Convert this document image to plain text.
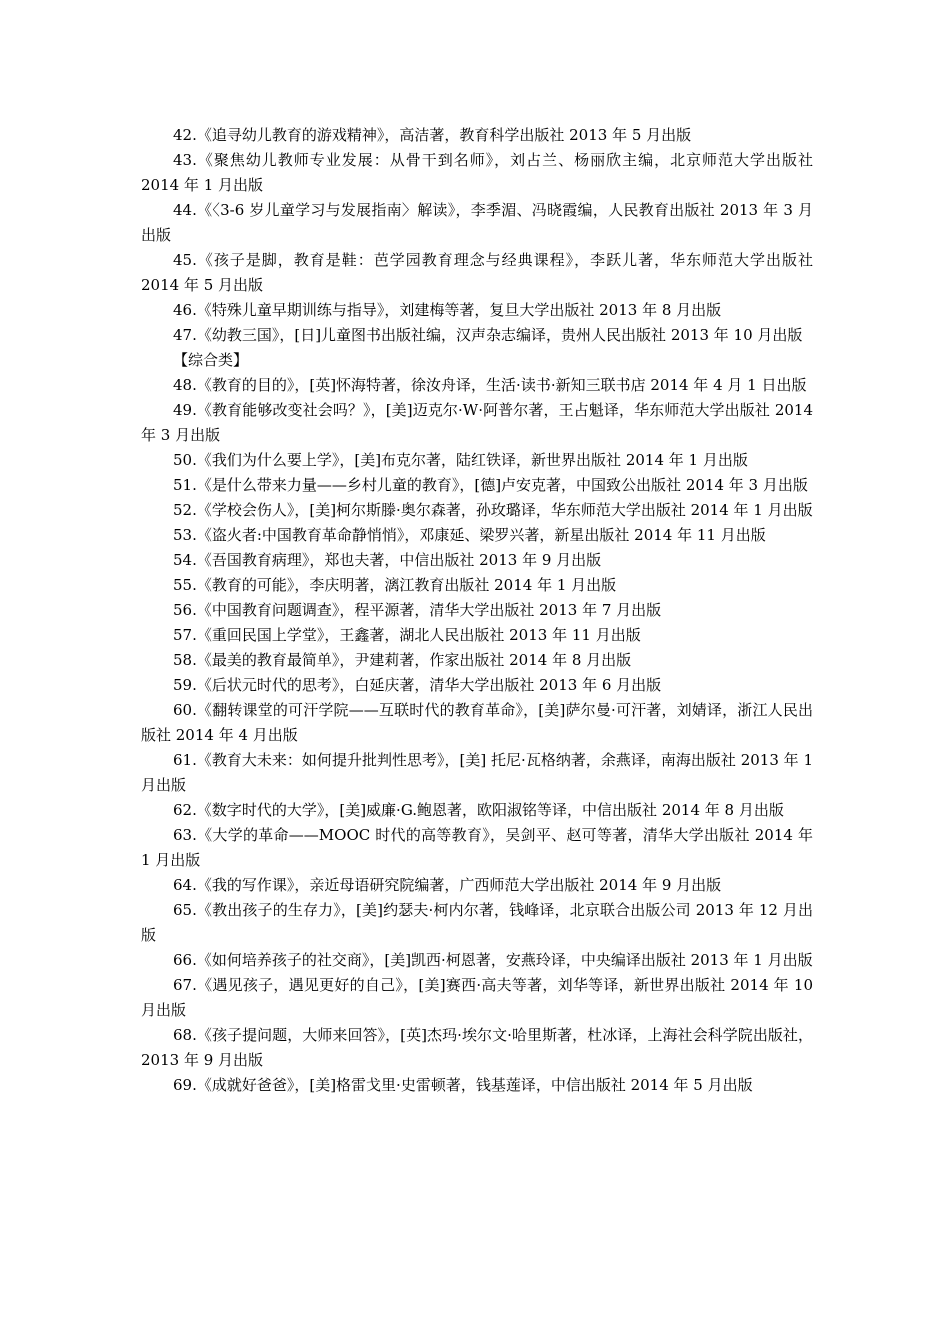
42.《追寻幼儿教育的游戏精神》，高洁著，教育科学出版社 2013 年 5 月出版

43.《聚焦幼儿教师专业发展：从骨干到名师》，刘占兰、杨丽欣主编，北京师范大学出版社 2014 年 1 月出版

44.《〈3-6 岁儿童学习与发展指南〉解读》，李季湄、冯晓霞编，人民教育出版社 2013 年 3 月出版

45.《孩子是脚，教育是鞋：芭学园教育理念与经典课程》，李跃儿著，华东师范大学出版社 2014 年 5 月出版

46.《特殊儿童早期训练与指导》，刘建梅等著，复旦大学出版社 2013 年 8 月出版

47.《幼教三国》，[日]儿童图书出版社编，汉声杂志编译，贵州人民出版社 2013 年 10 月出版

【综合类】

48.《教育的目的》，[英]怀海特著，徐汝舟译，生活·读书·新知三联书店 2014 年 4 月 1 日出版

49.《教育能够改变社会吗？》，[美]迈克尔·W·阿普尔著，王占魁译，华东师范大学出版社 2014 年 3 月出版

50.《我们为什么要上学》，[美]布克尔著，陆红铁译，新世界出版社 2014 年 1 月出版

51.《是什么带来力量——乡村儿童的教育》，[德]卢安克著，中国致公出版社 2014 年 3 月出版

52.《学校会伤人》，[美]柯尔斯滕·奥尔森著，孙玫璐译，华东师范大学出版社 2014 年 1 月出版

53.《盗火者:中国教育革命静悄悄》，邓康延、梁罗兴著，新星出版社 2014 年 11 月出版

54.《吾国教育病理》，郑也夫著，中信出版社 2013 年 9 月出版

55.《教育的可能》，李庆明著，漓江教育出版社 2014 年 1 月出版

56.《中国教育问题调查》，程平源著，清华大学出版社 2013 年 7 月出版

57.《重回民国上学堂》，王鑫著，湖北人民出版社 2013 年 11 月出版

58.《最美的教育最简单》，尹建莉著，作家出版社 2014 年 8 月出版

59.《后状元时代的思考》，白延庆著，清华大学出版社 2013 年 6 月出版

60.《翻转课堂的可汗学院——互联时代的教育革命》，[美]萨尔曼·可汗著，刘婧译，浙江人民出版社 2014 年 4 月出版

61.《教育大未来：如何提升批判性思考》，[美] 托尼·瓦格纳著，余燕译，南海出版社 2013 年 1 月出版

62.《数字时代的大学》，[美]威廉·G.鲍恩著，欧阳淑铭等译，中信出版社 2014 年 8 月出版

63.《大学的革命——MOOC 时代的高等教育》，吴剑平、赵可等著，清华大学出版社 2014 年 1 月出版

64.《我的写作课》，亲近母语研究院编著，广西师范大学出版社 2014 年 9 月出版

65.《教出孩子的生存力》，[美]约瑟夫·柯内尔著，钱峰译，北京联合出版公司 2013 年 12 月出版

66.《如何培养孩子的社交商》，[美]凯西·柯恩著，安燕玲译，中央编译出版社 2013 年 1 月出版

67.《遇见孩子，遇见更好的自己》，[美]赛西·高夫等著，刘华等译，新世界出版社 2014 年 10 月出版

68.《孩子提问题，大师来回答》，[英]杰玛·埃尔文·哈里斯著，杜冰译，上海社会科学院出版社，2013 年 9 月出版

69.《成就好爸爸》，[美]格雷戈里·史雷顿著，钱基莲译，中信出版社 2014 年 5 月出版
